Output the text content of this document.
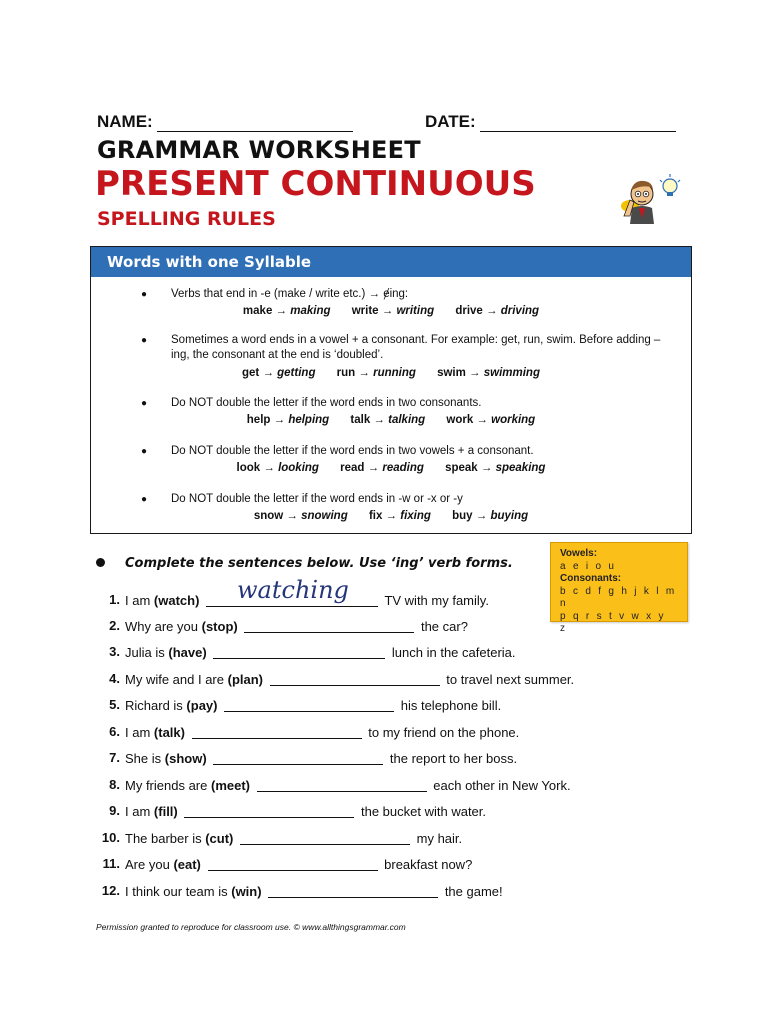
NAME:	DATE:
GRAMMAR WORKSHEET
PRESENT CONTINUOUS
SPELLING RULES
Words with one Syllable
● Verbs that end in -e (make / write etc.) → ɇing:
make → making write → writing drive → driving
● Sometimes a word ends in a vowel + a consonant. For example: get, run, swim. Before adding –ing, the consonant at the end is ‘doubled’.
get → getting run → running swim → swimming
● Do NOT double the letter if the word ends in two consonants.
help → helping talk → talking work → working
● Do NOT double the letter if the word ends in two vowels + a consonant.
look → looking read → reading speak → speaking
● Do NOT double the letter if the word ends in -w or -x or -y
snow → snowing fix → fixing buy → buying
Vowels:
a e i o u
Consonants:
b c d f g h j k l m n
p q r s t v w x y z
Complete the sentences below. Use ‘ing’ verb forms.
1. I am (watch)	TV with my family.
watching
2. Why are you (stop)	the car?
3. Julia is (have)	lunch in the cafeteria.
4. My wife and I are (plan)	to travel next summer.
5. Richard is (pay)	his telephone bill.
6. I am (talk)	to my friend on the phone.
7. She is (show)	the report to her boss.
8. My friends are (meet)	each other in New York.
9. I am (fill)	the bucket with water.
10. The barber is (cut)	my hair.
11. Are you (eat)	breakfast now?
12. I think our team is (win)	the game!
Permission granted to reproduce for classroom use. © www.allthingsgrammar.com
